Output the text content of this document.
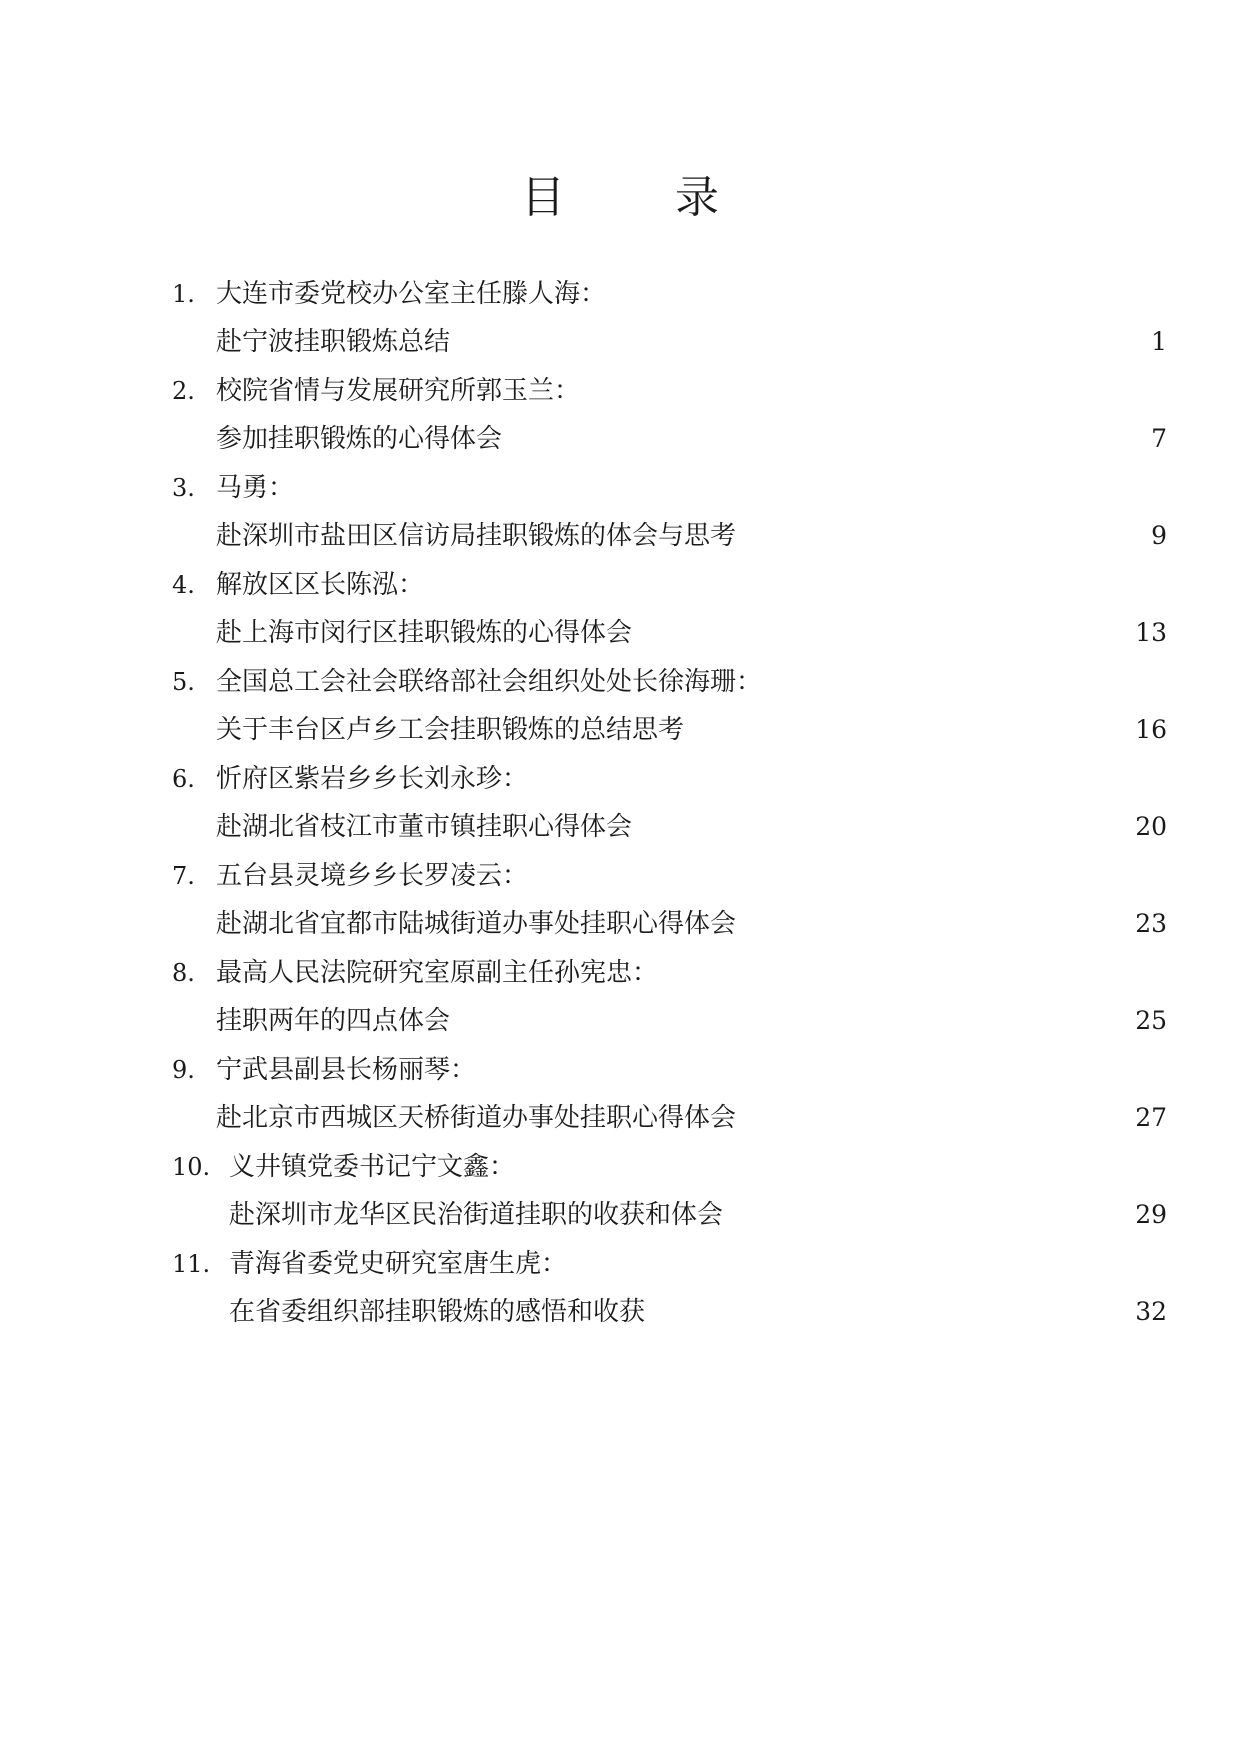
目 录
1. 大连市委党校办公室主任滕人海：
赴宁波挂职锻炼总结	1
2. 校院省情与发展研究所郭玉兰：
参加挂职锻炼的心得体会	7
3. 马勇：
赴深圳市盐田区信访局挂职锻炼的体会与思考	9
4. 解放区区长陈泓：
赴上海市闵行区挂职锻炼的心得体会	13
5. 全国总工会社会联络部社会组织处处长徐海珊：
关于丰台区卢乡工会挂职锻炼的总结思考	16
6. 忻府区紫岩乡乡长刘永珍：
赴湖北省枝江市董市镇挂职心得体会	20
7. 五台县灵境乡乡长罗凌云：
赴湖北省宜都市陆城街道办事处挂职心得体会	23
8. 最高人民法院研究室原副主任孙宪忠：
挂职两年的四点体会	25
9. 宁武县副县长杨丽琴：
赴北京市西城区天桥街道办事处挂职心得体会	27
10. 义井镇党委书记宁文鑫：
赴深圳市龙华区民治街道挂职的收获和体会	29
11. 青海省委党史研究室唐生虎：
在省委组织部挂职锻炼的感悟和收获	32
